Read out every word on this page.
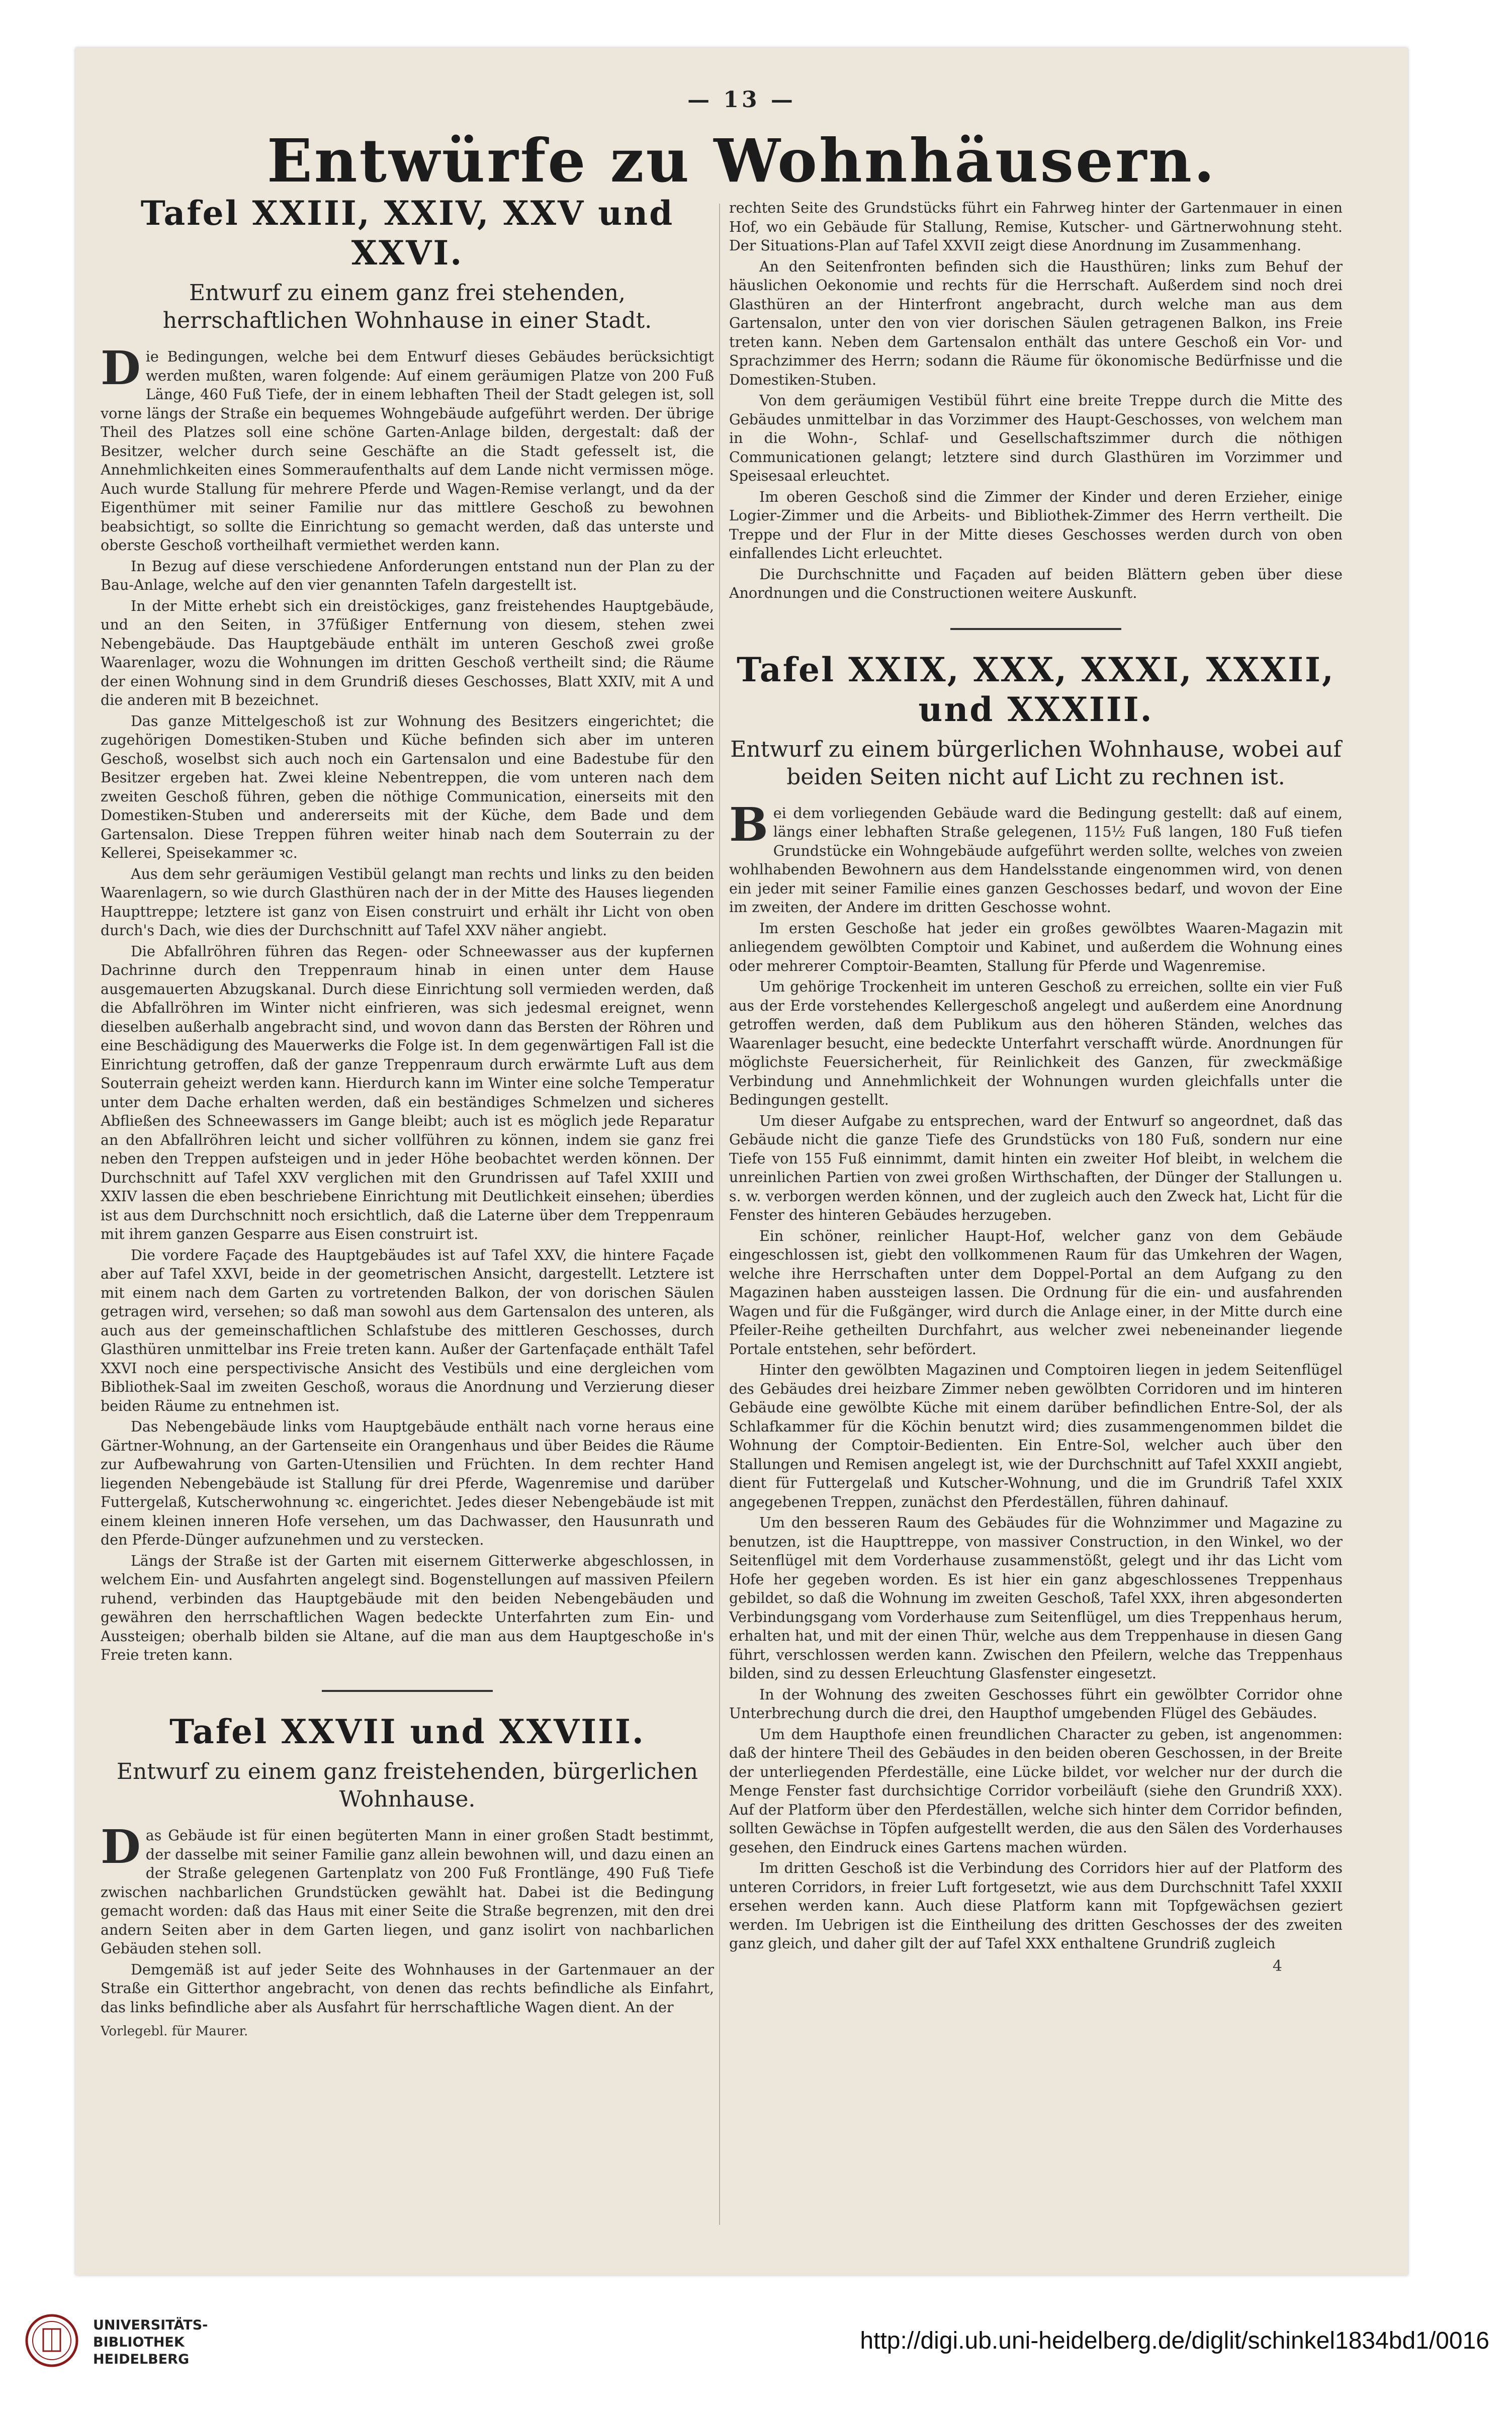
— 13 —
Entwürfe zu Wohnhäusern.
Tafel XXIII, XXIV, XXV und XXVI.
Entwurf zu einem ganz frei stehenden, herrschaftlichen Wohnhause in einer Stadt.

Die Bedingungen, welche bei dem Entwurf dieses Gebäudes berücksichtigt werden mußten, waren folgende: Auf einem geräumigen Platze von 200 Fuß Länge, 460 Fuß Tiefe, der in einem lebhaften Theil der Stadt gelegen ist, soll vorne längs der Straße ein bequemes Wohngebäude aufgeführt werden. Der übrige Theil des Platzes soll eine schöne Garten-Anlage bilden, dergestalt: daß der Besitzer, welcher durch seine Geschäfte an die Stadt gefesselt ist, die Annehmlichkeiten eines Sommeraufenthalts auf dem Lande nicht vermissen möge. Auch wurde Stallung für mehrere Pferde und Wagen-Remise verlangt, und da der Eigenthümer mit seiner Familie nur das mittlere Geschoß zu bewohnen beabsichtigt, so sollte die Einrichtung so gemacht werden, daß das unterste und oberste Geschoß vortheilhaft vermiethet werden kann.

In Bezug auf diese verschiedene Anforderungen entstand nun der Plan zu der Bau-Anlage, welche auf den vier genannten Tafeln dargestellt ist.

In der Mitte erhebt sich ein dreistöckiges, ganz freistehendes Hauptgebäude, und an den Seiten, in 37füßiger Entfernung von diesem, stehen zwei Nebengebäude. Das Hauptgebäude enthält im unteren Geschoß zwei große Waarenlager, wozu die Wohnungen im dritten Geschoß vertheilt sind; die Räume der einen Wohnung sind in dem Grundriß dieses Geschosses, Blatt XXIV, mit A und die anderen mit B bezeichnet.

Das ganze Mittelgeschoß ist zur Wohnung des Besitzers eingerichtet; die zugehörigen Domestiken-Stuben und Küche befinden sich aber im unteren Geschoß, woselbst sich auch noch ein Gartensalon und eine Badestube für den Besitzer ergeben hat. Zwei kleine Nebentreppen, die vom unteren nach dem zweiten Geschoß führen, geben die nöthige Communication, einerseits mit den Domestiken-Stuben und andererseits mit der Küche, dem Bade und dem Gartensalon. Diese Treppen führen weiter hinab nach dem Souterrain zu der Kellerei, Speisekammer ꝛc.

Aus dem sehr geräumigen Vestibül gelangt man rechts und links zu den beiden Waarenlagern, so wie durch Glasthüren nach der in der Mitte des Hauses liegenden Haupttreppe; letztere ist ganz von Eisen construirt und erhält ihr Licht von oben durch's Dach, wie dies der Durchschnitt auf Tafel XXV näher angiebt.

Die Abfallröhren führen das Regen- oder Schneewasser aus der kupfernen Dachrinne durch den Treppenraum hinab in einen unter dem Hause ausgemauerten Abzugskanal. Durch diese Einrichtung soll vermieden werden, daß die Abfallröhren im Winter nicht einfrieren, was sich jedesmal ereignet, wenn dieselben außerhalb angebracht sind, und wovon dann das Bersten der Röhren und eine Beschädigung des Mauerwerks die Folge ist. In dem gegenwärtigen Fall ist die Einrichtung getroffen, daß der ganze Treppenraum durch erwärmte Luft aus dem Souterrain geheizt werden kann. Hierdurch kann im Winter eine solche Temperatur unter dem Dache erhalten werden, daß ein beständiges Schmelzen und sicheres Abfließen des Schneewassers im Gange bleibt; auch ist es möglich jede Reparatur an den Abfallröhren leicht und sicher vollführen zu können, indem sie ganz frei neben den Treppen aufsteigen und in jeder Höhe beobachtet werden können. Der Durchschnitt auf Tafel XXV verglichen mit den Grundrissen auf Tafel XXIII und XXIV lassen die eben beschriebene Einrichtung mit Deutlichkeit einsehen; überdies ist aus dem Durchschnitt noch ersichtlich, daß die Laterne über dem Treppenraum mit ihrem ganzen Gesparre aus Eisen construirt ist.

Die vordere Façade des Hauptgebäudes ist auf Tafel XXV, die hintere Façade aber auf Tafel XXVI, beide in der geometrischen Ansicht, dargestellt. Letztere ist mit einem nach dem Garten zu vortretenden Balkon, der von dorischen Säulen getragen wird, versehen; so daß man sowohl aus dem Gartensalon des unteren, als auch aus der gemeinschaftlichen Schlafstube des mittleren Geschosses, durch Glasthüren unmittelbar ins Freie treten kann. Außer der Gartenfaçade enthält Tafel XXVI noch eine perspectivische Ansicht des Vestibüls und eine dergleichen vom Bibliothek-Saal im zweiten Geschoß, woraus die Anordnung und Verzierung dieser beiden Räume zu entnehmen ist.

Das Nebengebäude links vom Hauptgebäude enthält nach vorne heraus eine Gärtner-Wohnung, an der Gartenseite ein Orangenhaus und über Beides die Räume zur Aufbewahrung von Garten-Utensilien und Früchten. In dem rechter Hand liegenden Nebengebäude ist Stallung für drei Pferde, Wagenremise und darüber Futtergelaß, Kutscherwohnung ꝛc. eingerichtet. Jedes dieser Nebengebäude ist mit einem kleinen inneren Hofe versehen, um das Dachwasser, den Hausunrath und den Pferde-Dünger aufzunehmen und zu verstecken.

Längs der Straße ist der Garten mit eisernem Gitterwerke abgeschlossen, in welchem Ein- und Ausfahrten angelegt sind. Bogenstellungen auf massiven Pfeilern ruhend, verbinden das Hauptgebäude mit den beiden Nebengebäuden und gewähren den herrschaftlichen Wagen bedeckte Unterfahrten zum Ein- und Aussteigen; oberhalb bilden sie Altane, auf die man aus dem Hauptgeschoße in's Freie treten kann.

Tafel XXVII und XXVIII.
Entwurf zu einem ganz freistehenden, bürgerlichen Wohnhause.

Das Gebäude ist für einen begüterten Mann in einer großen Stadt bestimmt, der dasselbe mit seiner Familie ganz allein bewohnen will, und dazu einen an der Straße gelegenen Gartenplatz von 200 Fuß Frontlänge, 490 Fuß Tiefe zwischen nachbarlichen Grundstücken gewählt hat. Dabei ist die Bedingung gemacht worden: daß das Haus mit einer Seite die Straße begrenzen, mit den drei andern Seiten aber in dem Garten liegen, und ganz isolirt von nachbarlichen Gebäuden stehen soll.

Demgemäß ist auf jeder Seite des Wohnhauses in der Gartenmauer an der Straße ein Gitterthor angebracht, von denen das rechts befindliche als Einfahrt, das links befindliche aber als Ausfahrt für herrschaftliche Wagen dient. An der

Vorlegebl. für Maurer.

rechten Seite des Grundstücks führt ein Fahrweg hinter der Gartenmauer in einen Hof, wo ein Gebäude für Stallung, Remise, Kutscher- und Gärtnerwohnung steht. Der Situations-Plan auf Tafel XXVII zeigt diese Anordnung im Zusammenhang.

An den Seitenfronten befinden sich die Hausthüren; links zum Behuf der häuslichen Oekonomie und rechts für die Herrschaft. Außerdem sind noch drei Glasthüren an der Hinterfront angebracht, durch welche man aus dem Gartensalon, unter den von vier dorischen Säulen getragenen Balkon, ins Freie treten kann. Neben dem Gartensalon enthält das untere Geschoß ein Vor- und Sprachzimmer des Herrn; sodann die Räume für ökonomische Bedürfnisse und die Domestiken-Stuben.

Von dem geräumigen Vestibül führt eine breite Treppe durch die Mitte des Gebäudes unmittelbar in das Vorzimmer des Haupt-Geschosses, von welchem man in die Wohn-, Schlaf- und Gesellschaftszimmer durch die nöthigen Communicationen gelangt; letztere sind durch Glasthüren im Vorzimmer und Speisesaal erleuchtet.

Im oberen Geschoß sind die Zimmer der Kinder und deren Erzieher, einige Logier-Zimmer und die Arbeits- und Bibliothek-Zimmer des Herrn vertheilt. Die Treppe und der Flur in der Mitte dieses Geschosses werden durch von oben einfallendes Licht erleuchtet.

Die Durchschnitte und Façaden auf beiden Blättern geben über diese Anordnungen und die Constructionen weitere Auskunft.

Tafel XXIX, XXX, XXXI, XXXII, und XXXIII.
Entwurf zu einem bürgerlichen Wohnhause, wobei auf beiden Seiten nicht auf Licht zu rechnen ist.

Bei dem vorliegenden Gebäude ward die Bedingung gestellt: daß auf einem, längs einer lebhaften Straße gelegenen, 115½ Fuß langen, 180 Fuß tiefen Grundstücke ein Wohngebäude aufgeführt werden sollte, welches von zweien wohlhabenden Bewohnern aus dem Handelsstande eingenommen wird, von denen ein jeder mit seiner Familie eines ganzen Geschosses bedarf, und wovon der Eine im zweiten, der Andere im dritten Geschosse wohnt.

Im ersten Geschoße hat jeder ein großes gewölbtes Waaren-Magazin mit anliegendem gewölbten Comptoir und Kabinet, und außerdem die Wohnung eines oder mehrerer Comptoir-Beamten, Stallung für Pferde und Wagenremise.

Um gehörige Trockenheit im unteren Geschoß zu erreichen, sollte ein vier Fuß aus der Erde vorstehendes Kellergeschoß angelegt und außerdem eine Anordnung getroffen werden, daß dem Publikum aus den höheren Ständen, welches das Waarenlager besucht, eine bedeckte Unterfahrt verschafft würde. Anordnungen für möglichste Feuersicherheit, für Reinlichkeit des Ganzen, für zweckmäßige Verbindung und Annehmlichkeit der Wohnungen wurden gleichfalls unter die Bedingungen gestellt.

Um dieser Aufgabe zu entsprechen, ward der Entwurf so angeordnet, daß das Gebäude nicht die ganze Tiefe des Grundstücks von 180 Fuß, sondern nur eine Tiefe von 155 Fuß einnimmt, damit hinten ein zweiter Hof bleibt, in welchem die unreinlichen Partien von zwei großen Wirthschaften, der Dünger der Stallungen u. s. w. verborgen werden können, und der zugleich auch den Zweck hat, Licht für die Fenster des hinteren Gebäudes herzugeben.

Ein schöner, reinlicher Haupt-Hof, welcher ganz von dem Gebäude eingeschlossen ist, giebt den vollkommenen Raum für das Umkehren der Wagen, welche ihre Herrschaften unter dem Doppel-Portal an dem Aufgang zu den Magazinen haben aussteigen lassen. Die Ordnung für die ein- und ausfahrenden Wagen und für die Fußgänger, wird durch die Anlage einer, in der Mitte durch eine Pfeiler-Reihe getheilten Durchfahrt, aus welcher zwei nebeneinander liegende Portale entstehen, sehr befördert.

Hinter den gewölbten Magazinen und Comptoiren liegen in jedem Seitenflügel des Gebäudes drei heizbare Zimmer neben gewölbten Corridoren und im hinteren Gebäude eine gewölbte Küche mit einem darüber befindlichen Entre-Sol, der als Schlafkammer für die Köchin benutzt wird; dies zusammengenommen bildet die Wohnung der Comptoir-Bedienten. Ein Entre-Sol, welcher auch über den Stallungen und Remisen angelegt ist, wie der Durchschnitt auf Tafel XXXII angiebt, dient für Futtergelaß und Kutscher-Wohnung, und die im Grundriß Tafel XXIX angegebenen Treppen, zunächst den Pferdeställen, führen dahinauf.

Um den besseren Raum des Gebäudes für die Wohnzimmer und Magazine zu benutzen, ist die Haupttreppe, von massiver Construction, in den Winkel, wo der Seitenflügel mit dem Vorderhause zusammenstößt, gelegt und ihr das Licht vom Hofe her gegeben worden. Es ist hier ein ganz abgeschlossenes Treppenhaus gebildet, so daß die Wohnung im zweiten Geschoß, Tafel XXX, ihren abgesonderten Verbindungsgang vom Vorderhause zum Seitenflügel, um dies Treppenhaus herum, erhalten hat, und mit der einen Thür, welche aus dem Treppenhause in diesen Gang führt, verschlossen werden kann. Zwischen den Pfeilern, welche das Treppenhaus bilden, sind zu dessen Erleuchtung Glasfenster eingesetzt.

In der Wohnung des zweiten Geschosses führt ein gewölbter Corridor ohne Unterbrechung durch die drei, den Haupthof umgebenden Flügel des Gebäudes.

Um dem Haupthofe einen freundlichen Character zu geben, ist angenommen: daß der hintere Theil des Gebäudes in den beiden oberen Geschossen, in der Breite der unterliegenden Pferdeställe, eine Lücke bildet, vor welcher nur der durch die Menge Fenster fast durchsichtige Corridor vorbeiläuft (siehe den Grundriß XXX). Auf der Platform über den Pferdeställen, welche sich hinter dem Corridor befinden, sollten Gewächse in Töpfen aufgestellt werden, die aus den Sälen des Vorderhauses gesehen, den Eindruck eines Gartens machen würden.

Im dritten Geschoß ist die Verbindung des Corridors hier auf der Platform des unteren Corridors, in freier Luft fortgesetzt, wie aus dem Durchschnitt Tafel XXXII ersehen werden kann. Auch diese Platform kann mit Topfgewächsen geziert werden. Im Uebrigen ist die Eintheilung des dritten Geschosses der des zweiten ganz gleich, und daher gilt der auf Tafel XXX enthaltene Grundriß zugleich

4

UNIVERSITÄTS-
BIBLIOTHEK
HEIDELBERG
http://digi.ub.uni-heidelberg.de/diglit/schinkel1834bd1/0016
